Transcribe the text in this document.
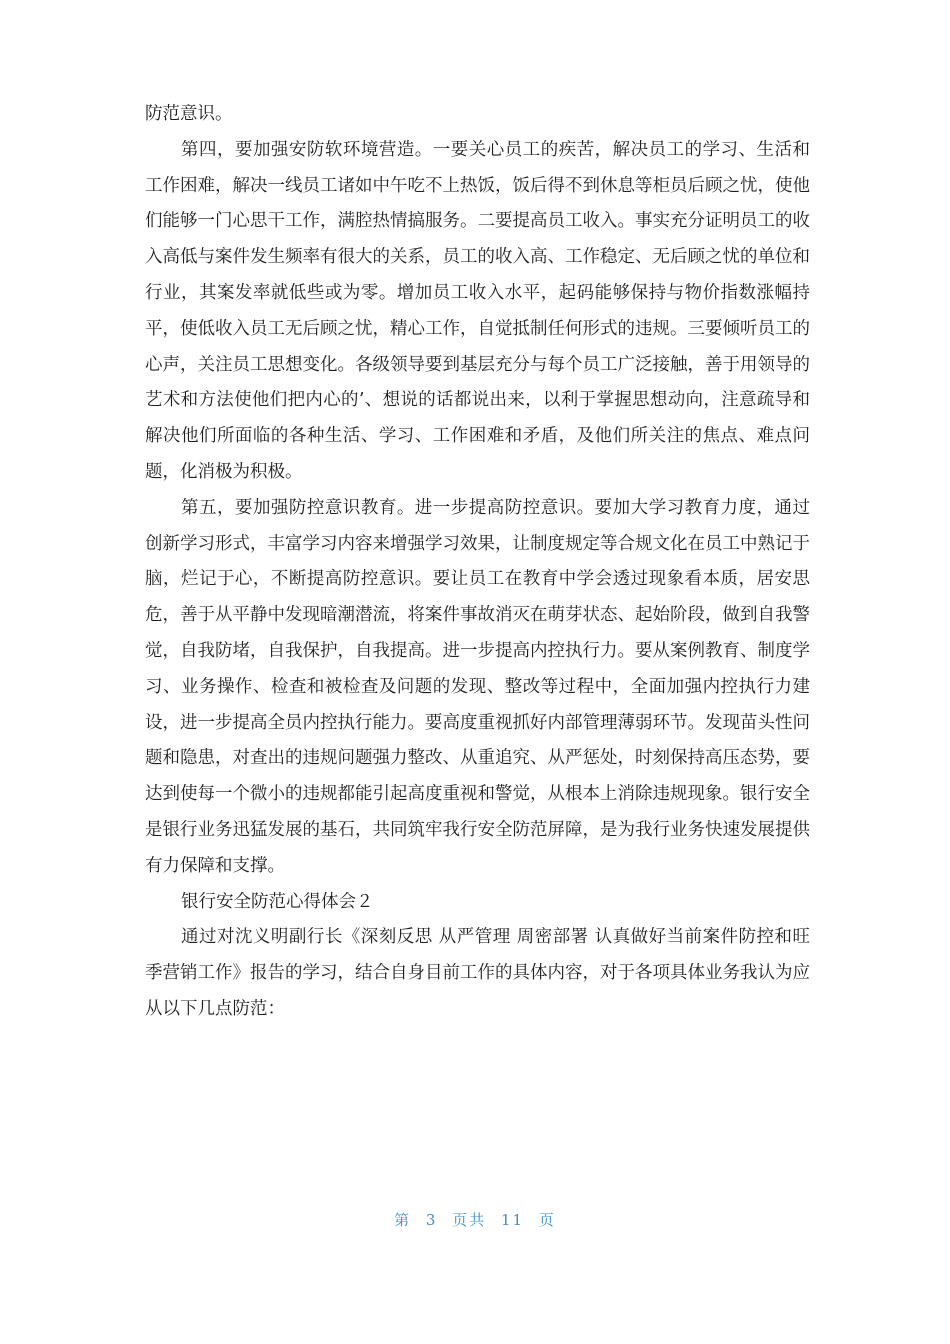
防范意识。

第四，要加强安防软环境营造。一要关心员工的疾苦，解决员工的学习、生活和工作困难，解决一线员工诸如中午吃不上热饭，饭后得不到休息等柜员后顾之忧，使他们能够一门心思干工作，满腔热情搞服务。二要提高员工收入。事实充分证明员工的收入高低与案件发生频率有很大的关系，员工的收入高、工作稳定、无后顾之忧的单位和行业，其案发率就低些或为零。增加员工收入水平，起码能够保持与物价指数涨幅持平，使低收入员工无后顾之忧，精心工作，自觉抵制任何形式的违规。三要倾听员工的心声，关注员工思想变化。各级领导要到基层充分与每个员工广泛接触，善于用领导的艺术和方法使他们把内心的’、想说的话都说出来，以利于掌握思想动向，注意疏导和解决他们所面临的各种生活、学习、工作困难和矛盾，及他们所关注的焦点、难点问题，化消极为积极。

第五，要加强防控意识教育。进一步提高防控意识。要加大学习教育力度，通过创新学习形式，丰富学习内容来增强学习效果，让制度规定等合规文化在员工中熟记于脑，烂记于心，不断提高防控意识。要让员工在教育中学会透过现象看本质，居安思危，善于从平静中发现暗潮潜流，将案件事故消灭在萌芽状态、起始阶段，做到自我警觉，自我防堵，自我保护，自我提高。进一步提高内控执行力。要从案例教育、制度学习、业务操作、检查和被检查及问题的发现、整改等过程中，全面加强内控执行力建设，进一步提高全员内控执行能力。要高度重视抓好内部管理薄弱环节。发现苗头性问题和隐患，对查出的违规问题强力整改、从重追究、从严惩处，时刻保持高压态势，要达到使每一个微小的违规都能引起高度重视和警觉，从根本上消除违规现象。银行安全是银行业务迅猛发展的基石，共同筑牢我行安全防范屏障，是为我行业务快速发展提供有力保障和支撑。

银行安全防范心得体会２

通过对沈义明副行长《深刻反思 从严管理 周密部署 认真做好当前案件防控和旺季营销工作》报告的学习，结合自身目前工作的具体内容，对于各项具体业务我认为应从以下几点防范：

第 3 页共 11 页
